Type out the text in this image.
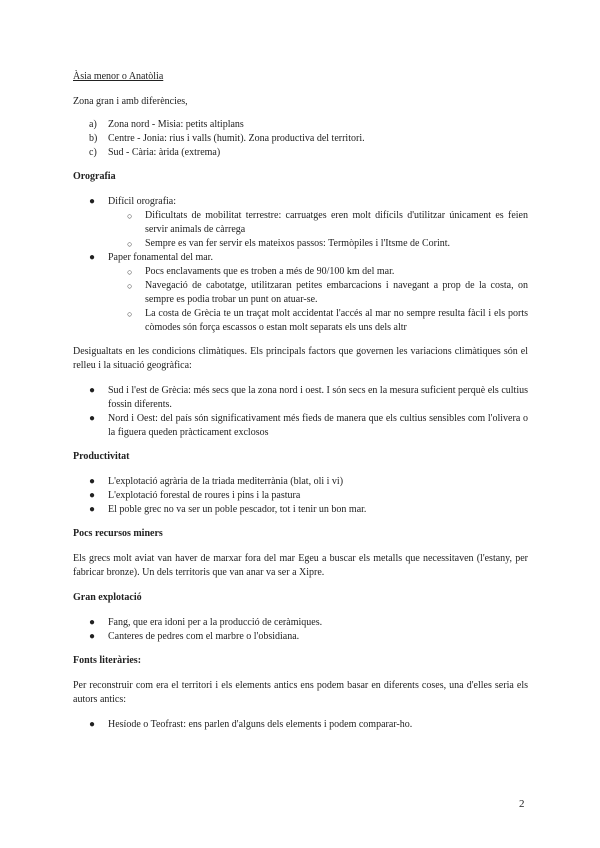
Àsia menor o Anatòlia

Zona gran i amb diferències,

a) Zona nord - Misia: petits altiplans
b) Centre - Jonia: rius i valls (humit). Zona productiva del territori.
c) Sud - Cària: àrida (extrema)

Orografia

● Difícil orografia:
○ Dificultats de mobilitat terrestre: carruatges eren molt difícils d'utilitzar únicament es feien servir animals de càrrega
○ Sempre es van fer servir els mateixos passos: Termòpiles i l'Itsme de Corint.
● Paper fonamental del mar.
○ Pocs enclavaments que es troben a més de 90/100 km del mar.
○ Navegació de cabotatge, utilitzaran petites embarcacions i navegant a prop de la costa, on sempre es podia trobar un punt on atuar-se.
○ La costa de Grècia te un traçat molt accidentat l'accés al mar no sempre resulta fàcil i els ports còmodes són força escassos o estan molt separats els uns dels altr

Desigualtats en les condicions climàtiques. Els principals factors que governen les variacions climàtiques són el relleu i la situació geogràfica:

● Sud i l'est de Grècia: més secs que la zona nord i oest. I són secs en la mesura suficient perquè els cultius fossin diferents.
● Nord i Oest: del país són significativament més fieds de manera que els cultius sensibles com l'olivera o la figuera queden pràcticament exclosos

Productivitat

● L'explotació agrària de la triada mediterrània (blat, oli i vi)
● L'explotació forestal de roures i pins i la pastura
● El poble grec no va ser un poble pescador, tot i tenir un bon mar.

Pocs recursos miners

Els grecs molt aviat van haver de marxar fora del mar Egeu a buscar els metalls que necessitaven (l'estany, per fabricar bronze). Un dels territoris que van anar va ser a Xipre.

Gran explotació

● Fang, que era idoni per a la producció de ceràmiques.
● Canteres de pedres com el marbre o l'obsidiana.

Fonts literàries:

Per reconstruir com era el territori i els elements antics ens podem basar en diferents coses, una d'elles seria els autors antics:

● Hesíode o Teofrast: ens parlen d'alguns dels elements i podem comparar-ho.
2
